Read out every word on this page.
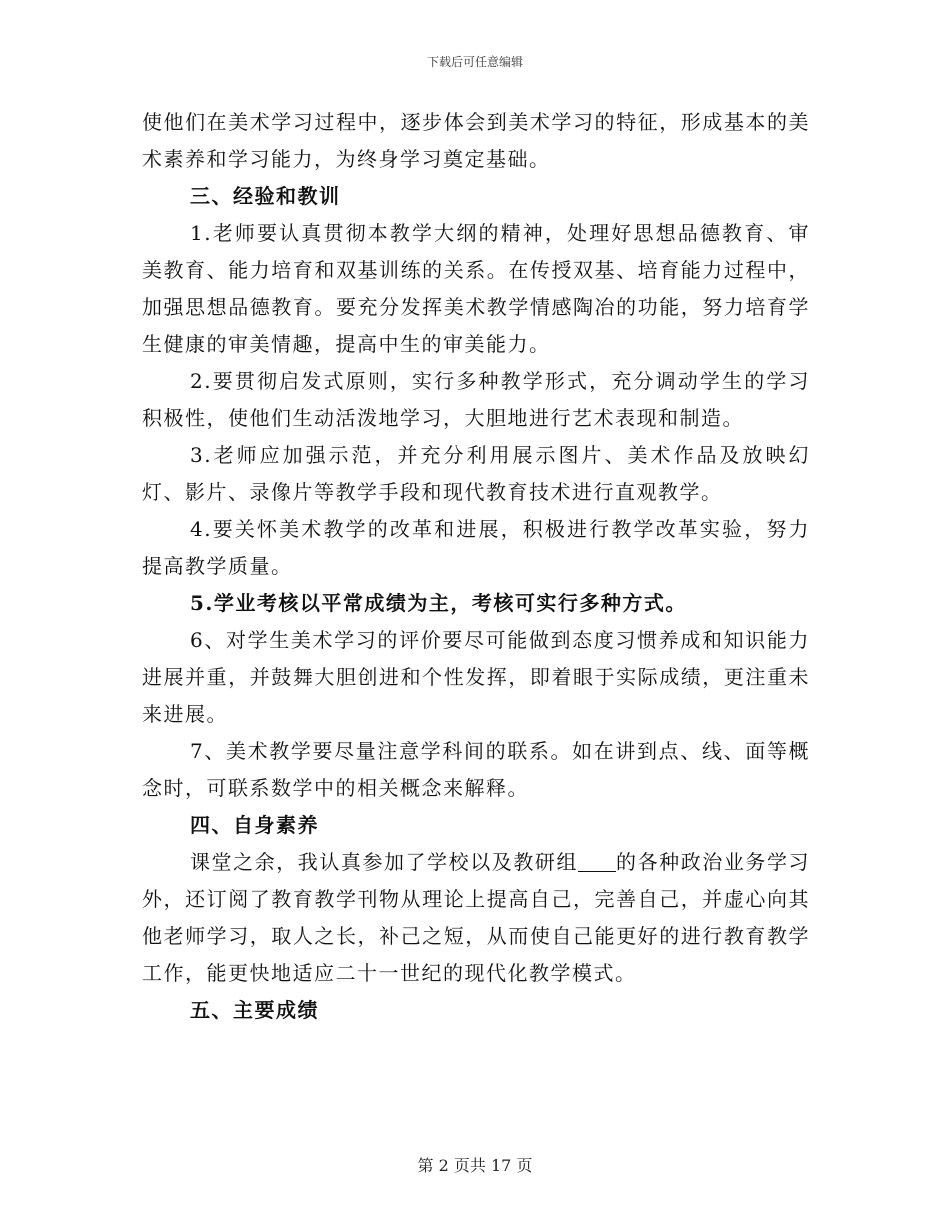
下载后可任意编辑

使他们在美术学习过程中，逐步体会到美术学习的特征，形成基本的美术素养和学习能力，为终身学习奠定基础。

三、经验和教训

1.老师要认真贯彻本教学大纲的精神，处理好思想品德教育、审美教育、能力培育和双基训练的关系。在传授双基、培育能力过程中，加强思想品德教育。要充分发挥美术教学情感陶冶的功能，努力培育学生健康的审美情趣，提高中生的审美能力。

2.要贯彻启发式原则，实行多种教学形式，充分调动学生的学习积极性，使他们生动活泼地学习，大胆地进行艺术表现和制造。

3.老师应加强示范，并充分利用展示图片、美术作品及放映幻灯、影片、录像片等教学手段和现代教育技术进行直观教学。

4.要关怀美术教学的改革和进展，积极进行教学改革实验，努力提高教学质量。

5.学业考核以平常成绩为主，考核可实行多种方式。

6、对学生美术学习的评价要尽可能做到态度习惯养成和知识能力进展并重，并鼓舞大胆创进和个性发挥，即着眼于实际成绩，更注重未来进展。

7、美术教学要尽量注意学科间的联系。如在讲到点、线、面等概念时，可联系数学中的相关概念来解释。

四、自身素养

课堂之余，我认真参加了学校以及教研组 的各种政治业务学习外，还订阅了教育教学刊物从理论上提高自己，完善自己，并虚心向其他老师学习，取人之长，补己之短，从而使自己能更好的进行教育教学工作，能更快地适应二十一世纪的现代化教学模式。

五、主要成绩

第 2 页共 17 页
